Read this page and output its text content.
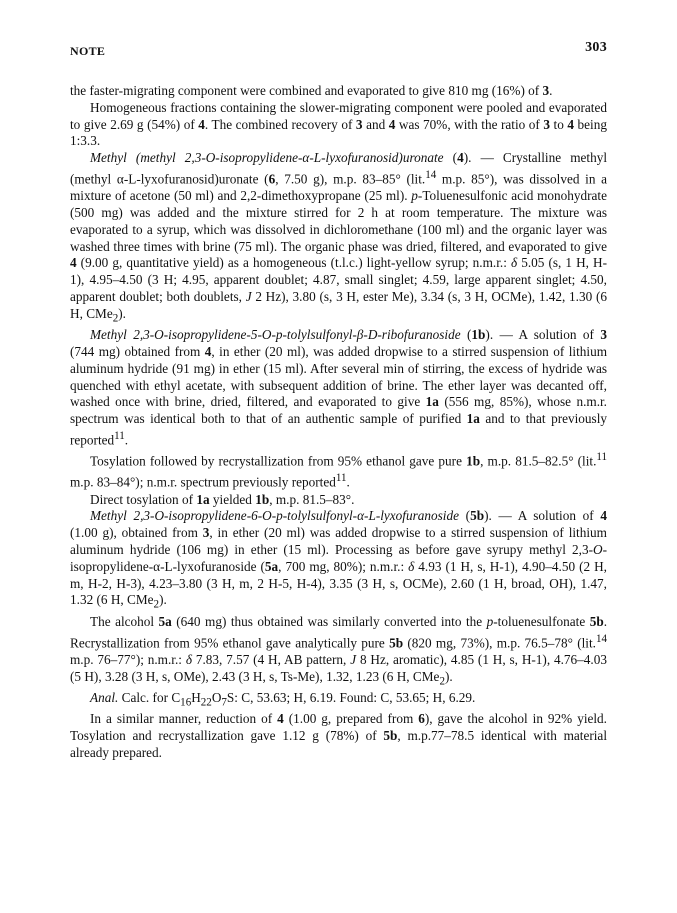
NOTE	303

the faster-migrating component were combined and evaporated to give 810 mg (16%) of 3.

Homogeneous fractions containing the slower-migrating component were pooled and evaporated to give 2.69 g (54%) of 4. The combined recovery of 3 and 4 was 70%, with the ratio of 3 to 4 being 1:3.3.

Methyl (methyl 2,3-O-isopropylidene-α-L-lyxofuranosid)uronate (4). — Crystalline methyl (methyl α-L-lyxofuranosid)uronate (6, 7.50 g), m.p. 83–85° (lit.$^{14}$ m.p. 85°), was dissolved in a mixture of acetone (50 ml) and 2,2-dimethoxypropane (25 ml). p-Toluenesulfonic acid monohydrate (500 mg) was added and the mixture stirred for 2 h at room temperature. The mixture was evaporated to a syrup, which was dissolved in dichloromethane (100 ml) and the organic layer was washed three times with brine (75 ml). The organic phase was dried, filtered, and evaporated to give 4 (9.00 g, quantitative yield) as a homogeneous (t.l.c.) light-yellow syrup; n.m.r.: δ 5.05 (s, 1 H, H-1), 4.95–4.50 (3 H; 4.95, apparent doublet; 4.87, small singlet; 4.59, large apparent singlet; 4.50, apparent doublet; both doublets, J 2 Hz), 3.80 (s, 3 H, ester Me), 3.34 (s, 3 H, OCMe), 1.42, 1.30 (6 H, CMe$_2$).

Methyl 2,3-O-isopropylidene-5-O-p-tolylsulfonyl-β-D-ribofuranoside (1b). — A solution of 3 (744 mg) obtained from 4, in ether (20 ml), was added dropwise to a stirred suspension of lithium aluminum hydride (91 mg) in ether (15 ml). After several min of stirring, the excess of hydride was quenched with ethyl acetate, with subsequent addition of brine. The ether layer was decanted off, washed once with brine, dried, filtered, and evaporated to give 1a (556 mg, 85%), whose n.m.r. spectrum was identical both to that of an authentic sample of purified 1a and to that previously reported$^{11}$.

Tosylation followed by recrystallization from 95% ethanol gave pure 1b, m.p. 81.5–82.5° (lit.$^{11}$ m.p. 83–84°); n.m.r. spectrum previously reported$^{11}$.

Direct tosylation of 1a yielded 1b, m.p. 81.5–83°.

Methyl 2,3-O-isopropylidene-6-O-p-tolylsulfonyl-α-L-lyxofuranoside (5b). — A solution of 4 (1.00 g), obtained from 3, in ether (20 ml) was added dropwise to a stirred suspension of lithium aluminum hydride (106 mg) in ether (15 ml). Processing as before gave syrupy methyl 2,3-O-isopropylidene-α-L-lyxofuranoside (5a, 700 mg, 80%); n.m.r.: δ 4.93 (1 H, s, H-1), 4.90–4.50 (2 H, m, H-2, H-3), 4.23–3.80 (3 H, m, 2 H-5, H-4), 3.35 (3 H, s, OCMe), 2.60 (1 H, broad, OH), 1.47, 1.32 (6 H, CMe$_2$).

The alcohol 5a (640 mg) thus obtained was similarly converted into the p-toluenesulfonate 5b. Recrystallization from 95% ethanol gave analytically pure 5b (820 mg, 73%), m.p. 76.5–78° (lit.$^{14}$ m.p. 76–77°); n.m.r.: δ 7.83, 7.57 (4 H, AB pattern, J 8 Hz, aromatic), 4.85 (1 H, s, H-1), 4.76–4.03 (5 H), 3.28 (3 H, s, OMe), 2.43 (3 H, s, Ts-Me), 1.32, 1.23 (6 H, CMe$_2$).

Anal. Calc. for $C_{16}H_{22}O_7S$: C, 53.63; H, 6.19. Found: C, 53.65; H, 6.29.

In a similar manner, reduction of 4 (1.00 g, prepared from 6), gave the alcohol in 92% yield. Tosylation and recrystallization gave 1.12 g (78%) of 5b, m.p.77–78.5 identical with material already prepared.
